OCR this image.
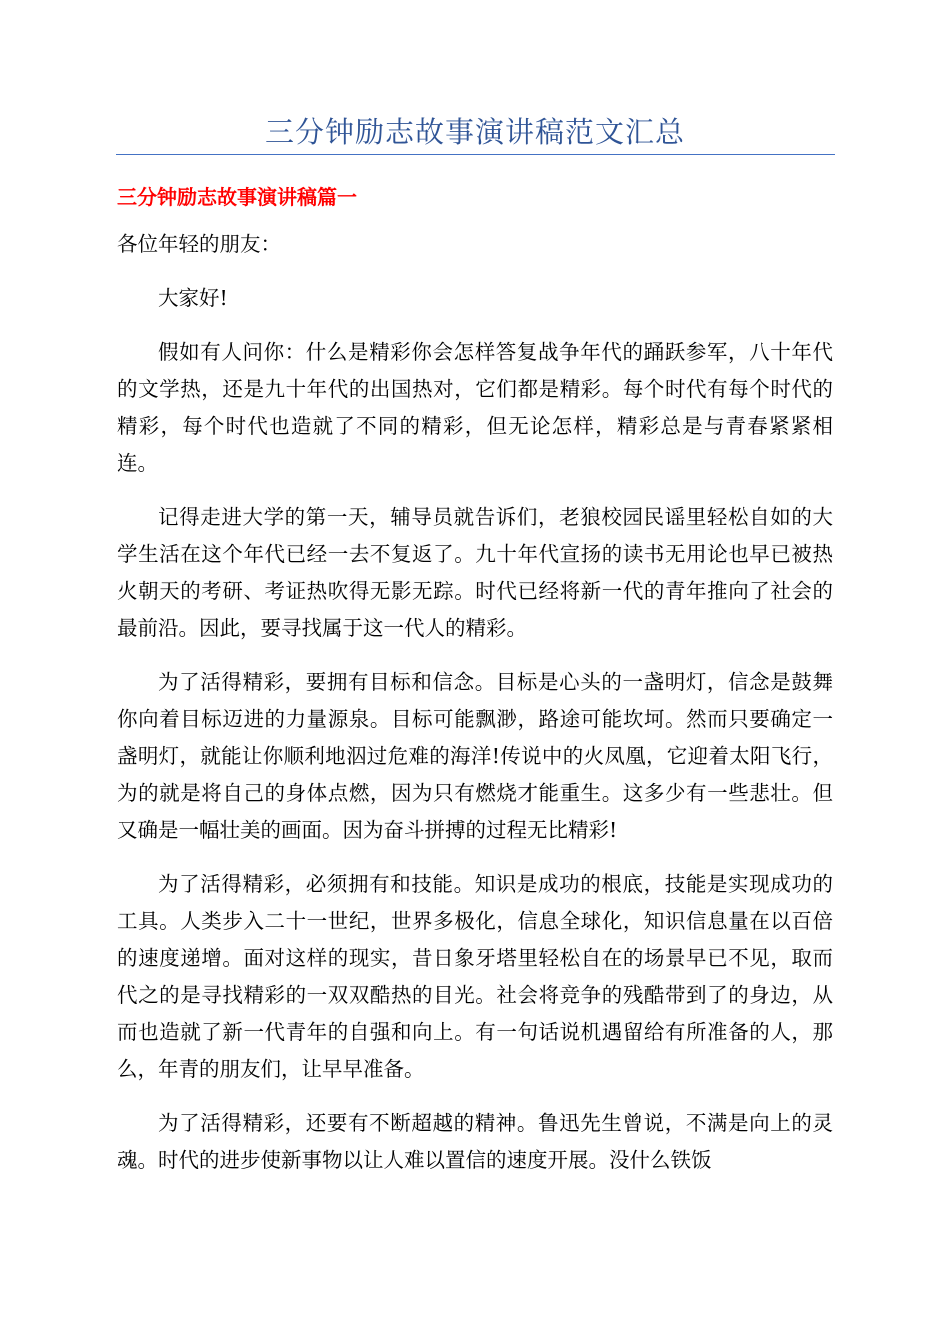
三分钟励志故事演讲稿范文汇总
三分钟励志故事演讲稿篇一

各位年轻的朋友：

大家好!

假如有人问你：什么是精彩你会怎样答复战争年代的踊跃参军，八十年代的文学热，还是九十年代的出国热对，它们都是精彩。每个时代有每个时代的精彩，每个时代也造就了不同的精彩，但无论怎样，精彩总是与青春紧紧相连。

记得走进大学的第一天，辅导员就告诉们，老狼校园民谣里轻松自如的大学生活在这个年代已经一去不复返了。九十年代宣扬的读书无用论也早已被热火朝天的考研、考证热吹得无影无踪。时代已经将新一代的青年推向了社会的最前沿。因此，要寻找属于这一代人的精彩。

为了活得精彩，要拥有目标和信念。目标是心头的一盏明灯，信念是鼓舞你向着目标迈进的力量源泉。目标可能飘渺，路途可能坎坷。然而只要确定一盏明灯，就能让你顺利地泅过危难的海洋!传说中的火凤凰，它迎着太阳飞行，为的就是将自己的身体点燃，因为只有燃烧才能重生。这多少有一些悲壮。但又确是一幅壮美的画面。因为奋斗拼搏的过程无比精彩!

为了活得精彩，必须拥有和技能。知识是成功的根底，技能是实现成功的工具。人类步入二十一世纪，世界多极化，信息全球化，知识信息量在以百倍的速度递增。面对这样的现实，昔日象牙塔里轻松自在的场景早已不见，取而代之的是寻找精彩的一双双酷热的目光。社会将竞争的残酷带到了的身边，从而也造就了新一代青年的自强和向上。有一句话说机遇留给有所准备的人，那么，年青的朋友们，让早早准备。

为了活得精彩，还要有不断超越的精神。鲁迅先生曾说，不满是向上的灵魂。时代的进步使新事物以让人难以置信的速度开展。没什么铁饭
